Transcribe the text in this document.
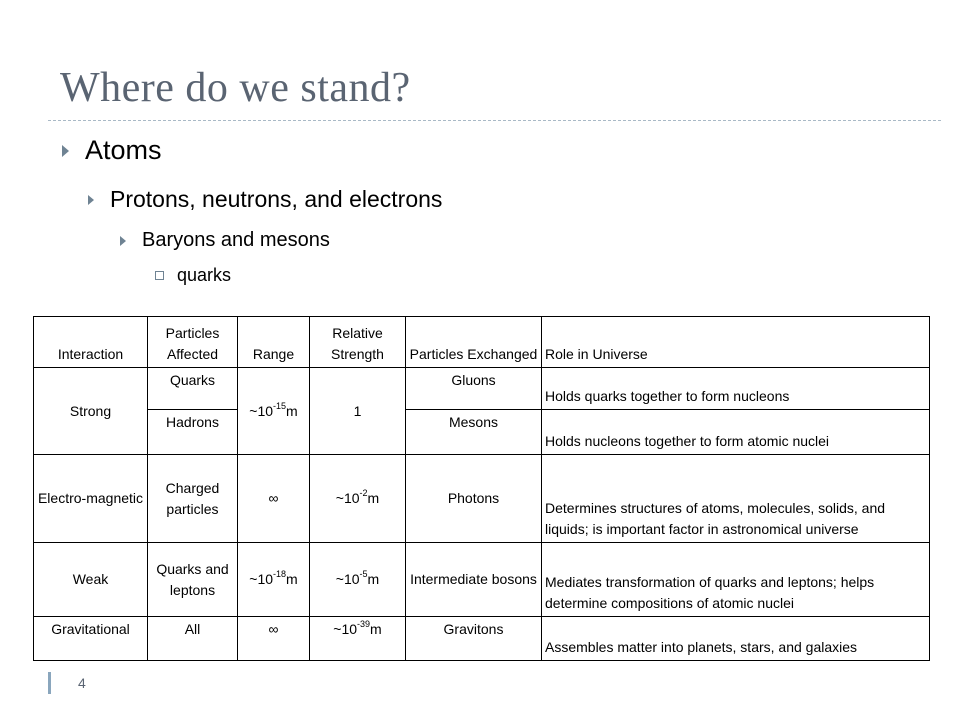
Where do we stand?
Atoms
Protons, neutrons, and electrons
Baryons and mesons
quarks
Interaction	Particles Affected	Range	Relative Strength	Particles Exchanged	Role in Universe
Strong	Quarks	$\sim 10^{-15}m$	1	Gluons	Holds quarks together to form nucleons
	Hadrons			Mesons	Holds nucleons together to form atomic nuclei
Electro-magnetic	Charged particles	∞	$\sim 10^{-2}m$	Photons	Determines structures of atoms, molecules, solids, and liquids; is important factor in astronomical universe
Weak	Quarks and leptons	$\sim 10^{-18}m$	$\sim 10^{-5}m$	Intermediate bosons	Mediates transformation of quarks and leptons; helps determine compositions of atomic nuclei
Gravitational	All	∞	$\sim 10^{-39}m$	Gravitons	Assembles matter into planets, stars, and galaxies
4
